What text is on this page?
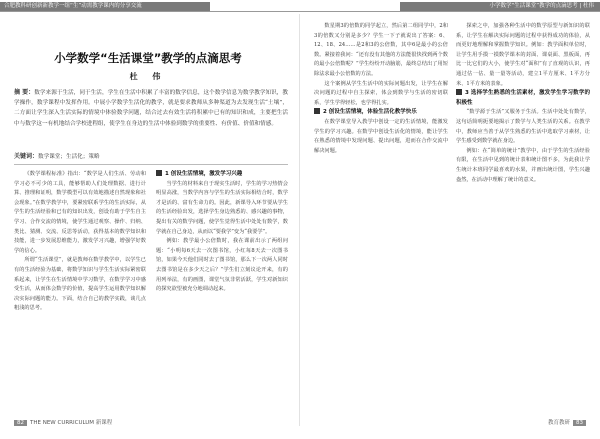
合肥教科研创新新教学一组“生”动需教学课内的分享交流	小学数学“生活课堂”教学的点滴思考 | 杜伟
小学数学“生活课堂”教学的点滴思考
杜 伟
摘 要：数学来源于生活，同于生活，学生在生活中积累了丰富的数学信息，这个数学信息为数学教学知识，教学操作，数学课程中发挥作用。中展小学数学生活化的教学，就是要求教师从多种渠道为去发现生活“土壤”，二方面让学生深入生活实际的情境中体验数学问题，结合过去有效生活将积累中已有的知识和成，主要把生活中与数学这一有机地结合学校进程组，使学生在身边的生活中体验到数学的重要性、有价值、价值和情感。
关键词：数学课堂；生活化；策略

《数学课程标准》指出：“数学是人们生活、劳动和学习必不可少的工具，能够帮助人们处理数据、进行计算、推理和证明，数学模型可以有效地描述自然现象和社会现象。”在数学教学中，要紧密联系学生的生活实际，从学生的生活经验和已有的知识出发，创设有助于学生自主学习、合作交流的情境，使学生通过观察、操作、归纳、类比、猜测、交流、反思等活动，获得基本的数学知识和技能，进一步发展思维能力，激发学习兴趣，增强学好数学的信心。

所谓“生活课堂”，就是教师在数学教学中，以学生已有的生活经验为基础，将数学知识与学生生活实际紧密联系起来，让学生在生活情境中学习数学，在数学学习中感受生活，从而体会数学的价值，提高学生运用数学知识解决实际问题的能力。下面，结合自己的教学实践，谈几点粗浅的思考。

1 创设生活情境，激发学习兴趣

当学生的材料来自于现实生活时，学生的学习热情会明显高涨，当数学内容与学生的生活实际相结合时，数学才是活的、富有生命力的。因此，新课导入环节要从学生的生活经验出发，选择学生身边熟悉的、感兴趣的事物，提出有关的数学问题，使学生觉得生活中处处有数学，数学就在自己身边，从而以“要我学”变为“我要学”。

例如：教学最小公倍数时，我在课前出示了两组问题：“小明每6天去一次图书馆，小红每8天去一次图书馆，如果今天他们同时去了图书馆，那么下一次两人同时去图书馆是在多少天之后？”学生们立刻议论开来，有的用列举法，有的画图，课堂气氛非常活跃，学生对新知识的探究欲望被充分地调动起来。

数星期3的倍数的同学起立，然后第二组同学中，2和3的倍数又分别是多少？学生一下子就说出了答案：6、12、18、24……是2和3的公倍数，其中6是最小的公倍数。紧接着我问：“还有没有其他的方法能很快找到两个数的最小公倍数呢？”学生纷纷开动脑筋，最终总结出了用短除法求最小公倍数的方法。

这个案例从学生生活中的实际问题出发，让学生在解决问题的过程中自主探索，体会到数学与生活的密切联系，学生学得轻松，也学得扎实。

2 创设生活情境，体验生活化教学快乐

在数学课堂导入教学中创设一定的生活情境，能激发学生的学习兴趣。在数学中创设生活化的情境，能让学生在熟悉的情境中发现问题、提出问题，进而在合作交流中解决问题。

探索之中，加强各种生活中的数学原型与新知识的联系，让学生在解决实际问题的过程中获得成功的体验，从而更好地理解和掌握数学知识。例如：教学面积单位时，让学生用手摸一摸数学课本的封面、课桌面、黑板面，再比一比它们的大小，使学生对“面积”有了直观的认识，再通过估一估、量一量等活动，建立1平方厘米、1平方分米、1平方米的表象。

3 选择学生熟悉的生活素材，激发学生学习数学的积极性

“数学源于生活”又服务于生活。生活中处处有数学，这句话简明扼要地揭示了数学与人类生活的关系。在教学中，教师应当善于从学生熟悉的生活中选取学习素材，让学生感受到数学就在身边。

例如：在“简单的统计”教学中，由于学生的生活经验有限，在生活中见到的统计表和统计图不多，为此我让学生统计本班同学最喜欢的水果，并画出统计图，学生兴趣盎然，在活动中理解了统计的意义。

82 THE NEW CURRICULUM 新课程	教育教研 83
